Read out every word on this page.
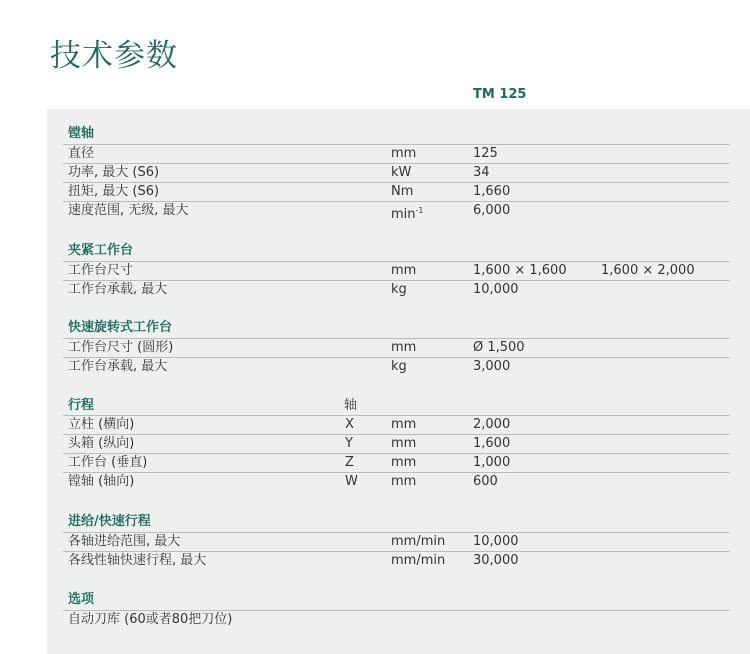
技术参数
TM 125
镗轴
直径	mm	125
功率, 最大 (S6)	kW	34
扭矩, 最大 (S6)	Nm	1,660
速度范围, 无级, 最大	$\min^{-1}$	6,000
夹紧工作台
工作台尺寸	mm	1,600 × 1,600	1,600 × 2,000
工作台承载, 最大	kg	10,000
快速旋转式工作台
工作台尺寸 (圆形)	mm	Ø 1,500
工作台承载, 最大	kg	3,000
行程	轴
立柱 (横向)	X	mm	2,000
头箱 (纵向)	Y	mm	1,600
工作台 (垂直)	Z	mm	1,000
镗轴 (轴向)	W	mm	600
进给/快速行程
各轴进给范围, 最大	mm/min 10,000
各线性轴快速行程, 最大	mm/min 30,000
选项
自动刀库 (60或者80把刀位)
